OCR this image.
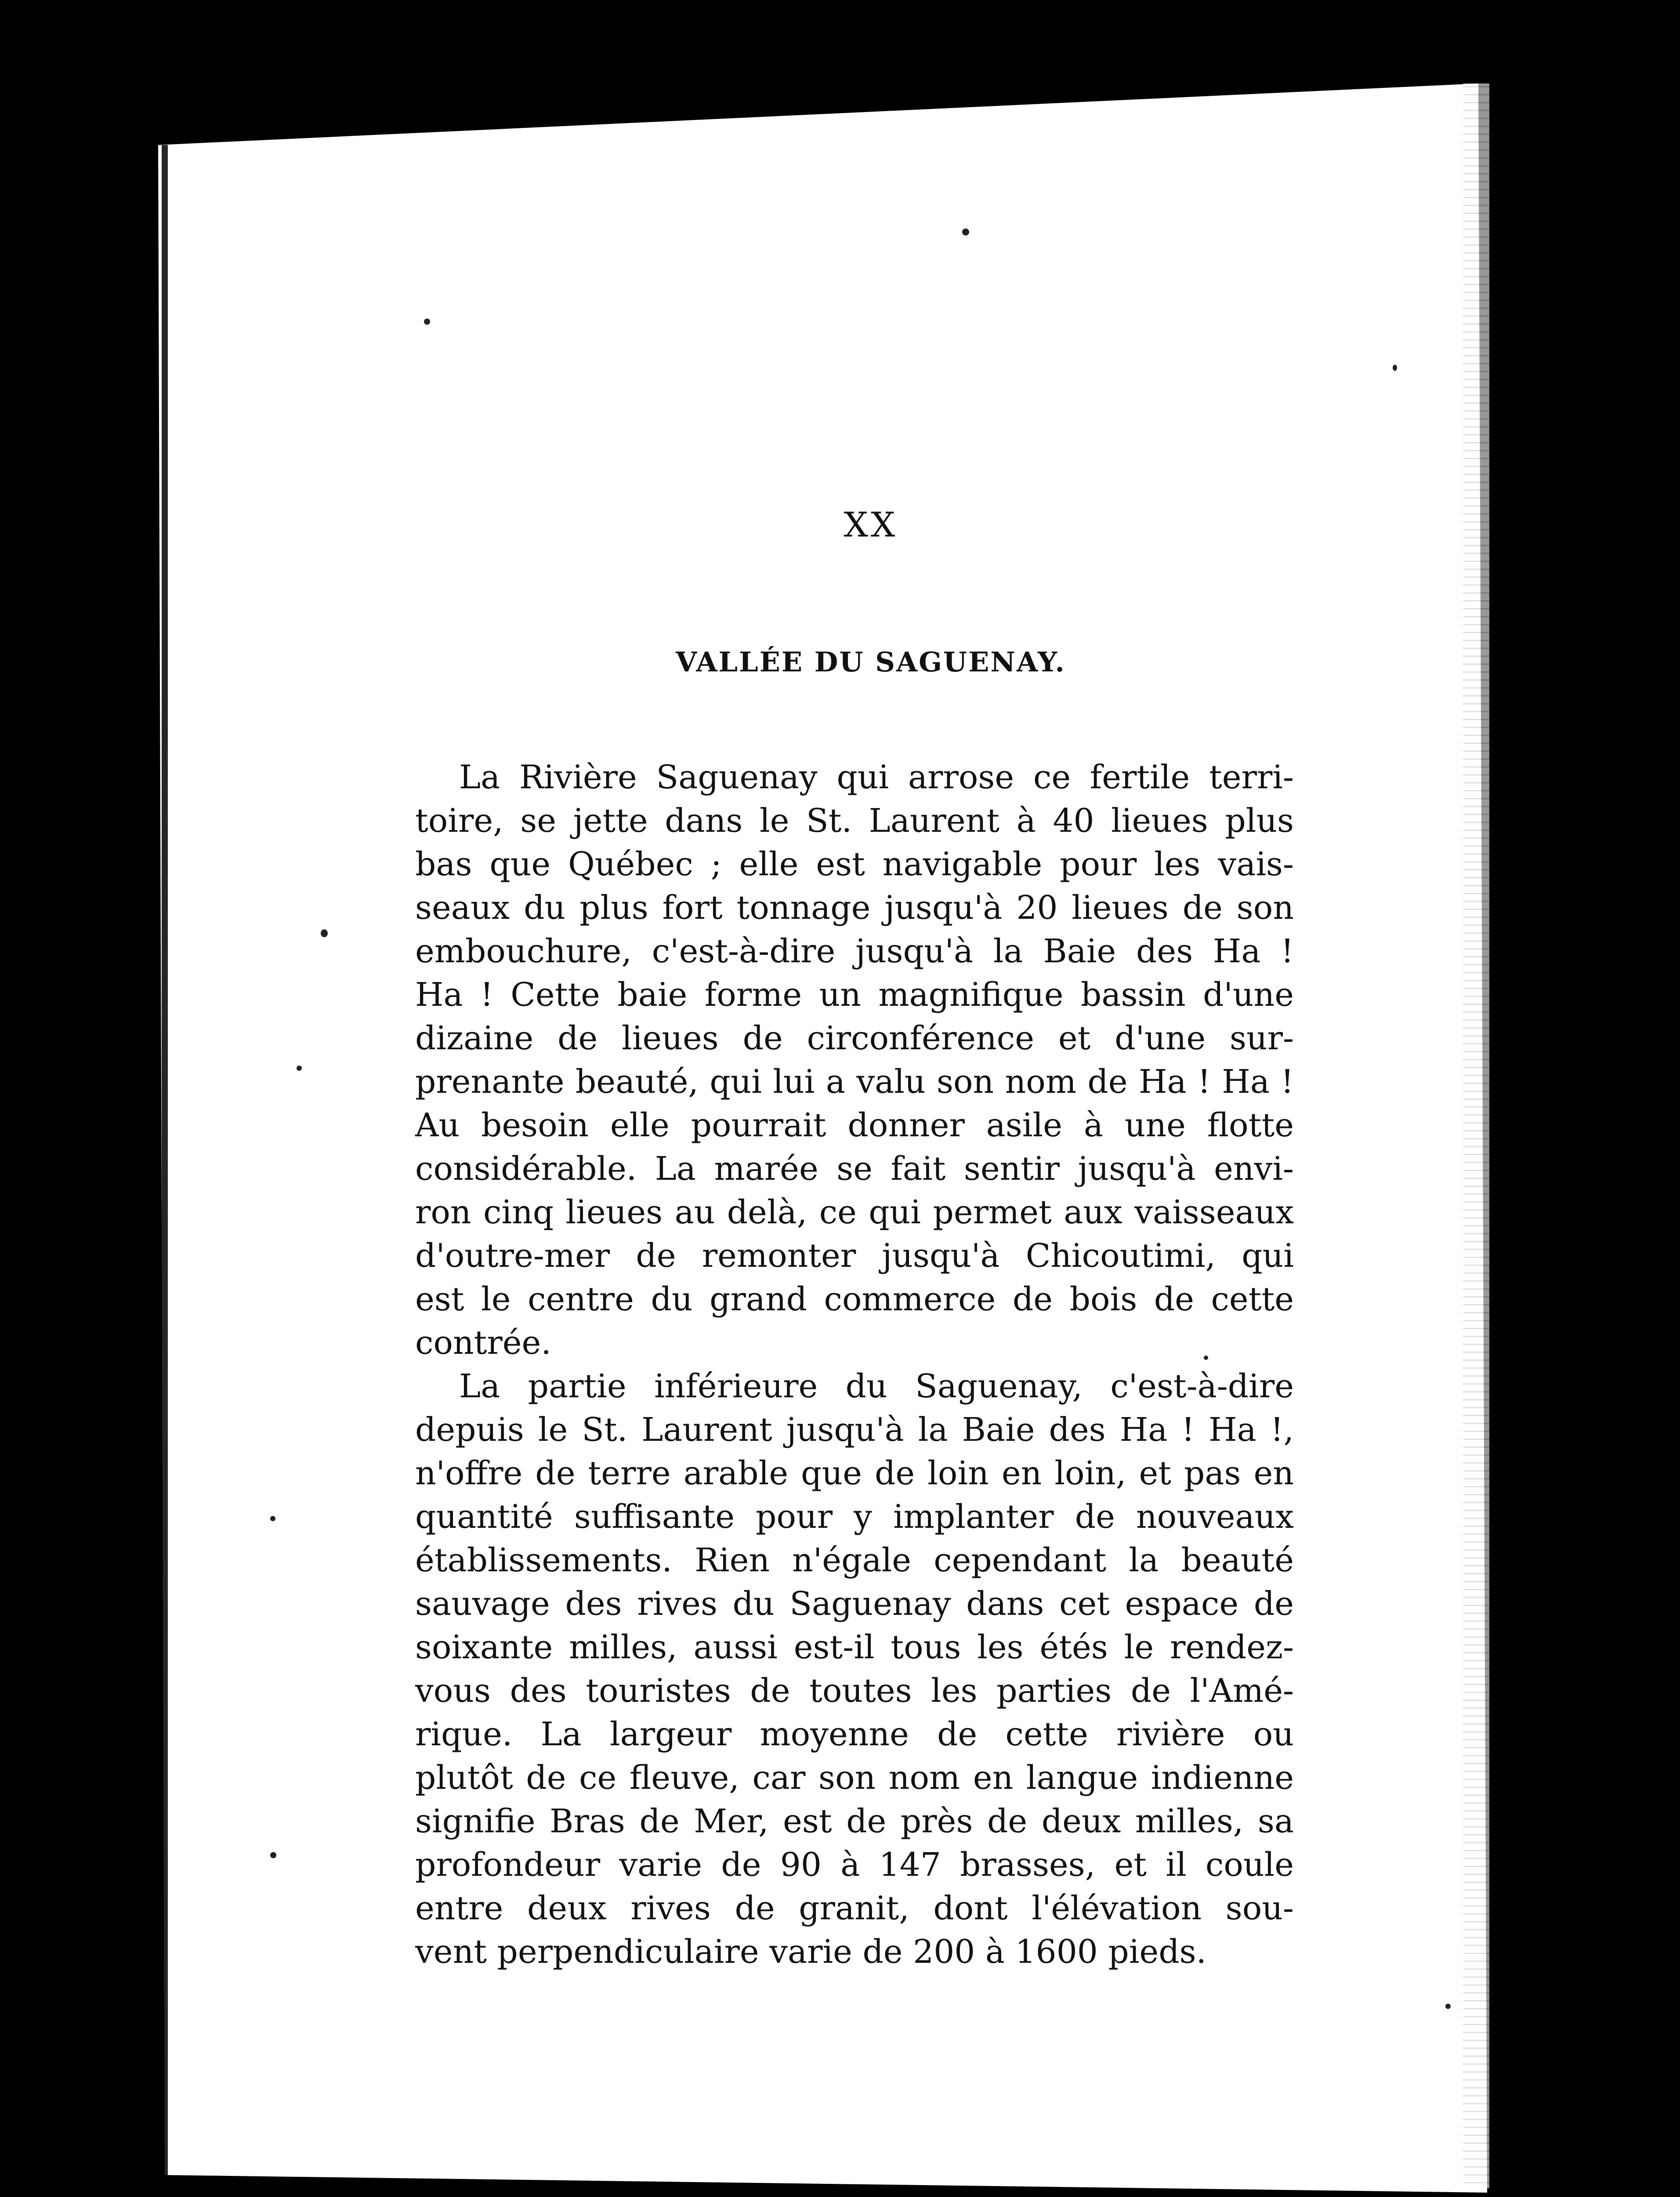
XX
VALLÉE DU SAGUENAY.
La Rivière Saguenay qui arrose ce fertile terri-
toire, se jette dans le St. Laurent à 40 lieues plus
bas que Québec ; elle est navigable pour les vais-
seaux du plus fort tonnage jusqu'à 20 lieues de son
embouchure, c'est-à-dire jusqu'à la Baie des Ha !
Ha ! Cette baie forme un magnifique bassin d'une
dizaine de lieues de circonférence et d'une sur-
prenante beauté, qui lui a valu son nom de Ha ! Ha !
Au besoin elle pourrait donner asile à une flotte
considérable. La marée se fait sentir jusqu'à envi-
ron cinq lieues au delà, ce qui permet aux vaisseaux
d'outre-mer de remonter jusqu'à Chicoutimi, qui
est le centre du grand commerce de bois de cette
contrée.
La partie inférieure du Saguenay, c'est-à-dire
depuis le St. Laurent jusqu'à la Baie des Ha ! Ha !,
n'offre de terre arable que de loin en loin, et pas en
quantité suffisante pour y implanter de nouveaux
établissements. Rien n'égale cependant la beauté
sauvage des rives du Saguenay dans cet espace de
soixante milles, aussi est-il tous les étés le rendez-
vous des touristes de toutes les parties de l'Amé-
rique. La largeur moyenne de cette rivière ou
plutôt de ce fleuve, car son nom en langue indienne
signifie Bras de Mer, est de près de deux milles, sa
profondeur varie de 90 à 147 brasses, et il coule
entre deux rives de granit, dont l'élévation sou-
vent perpendiculaire varie de 200 à 1600 pieds.
